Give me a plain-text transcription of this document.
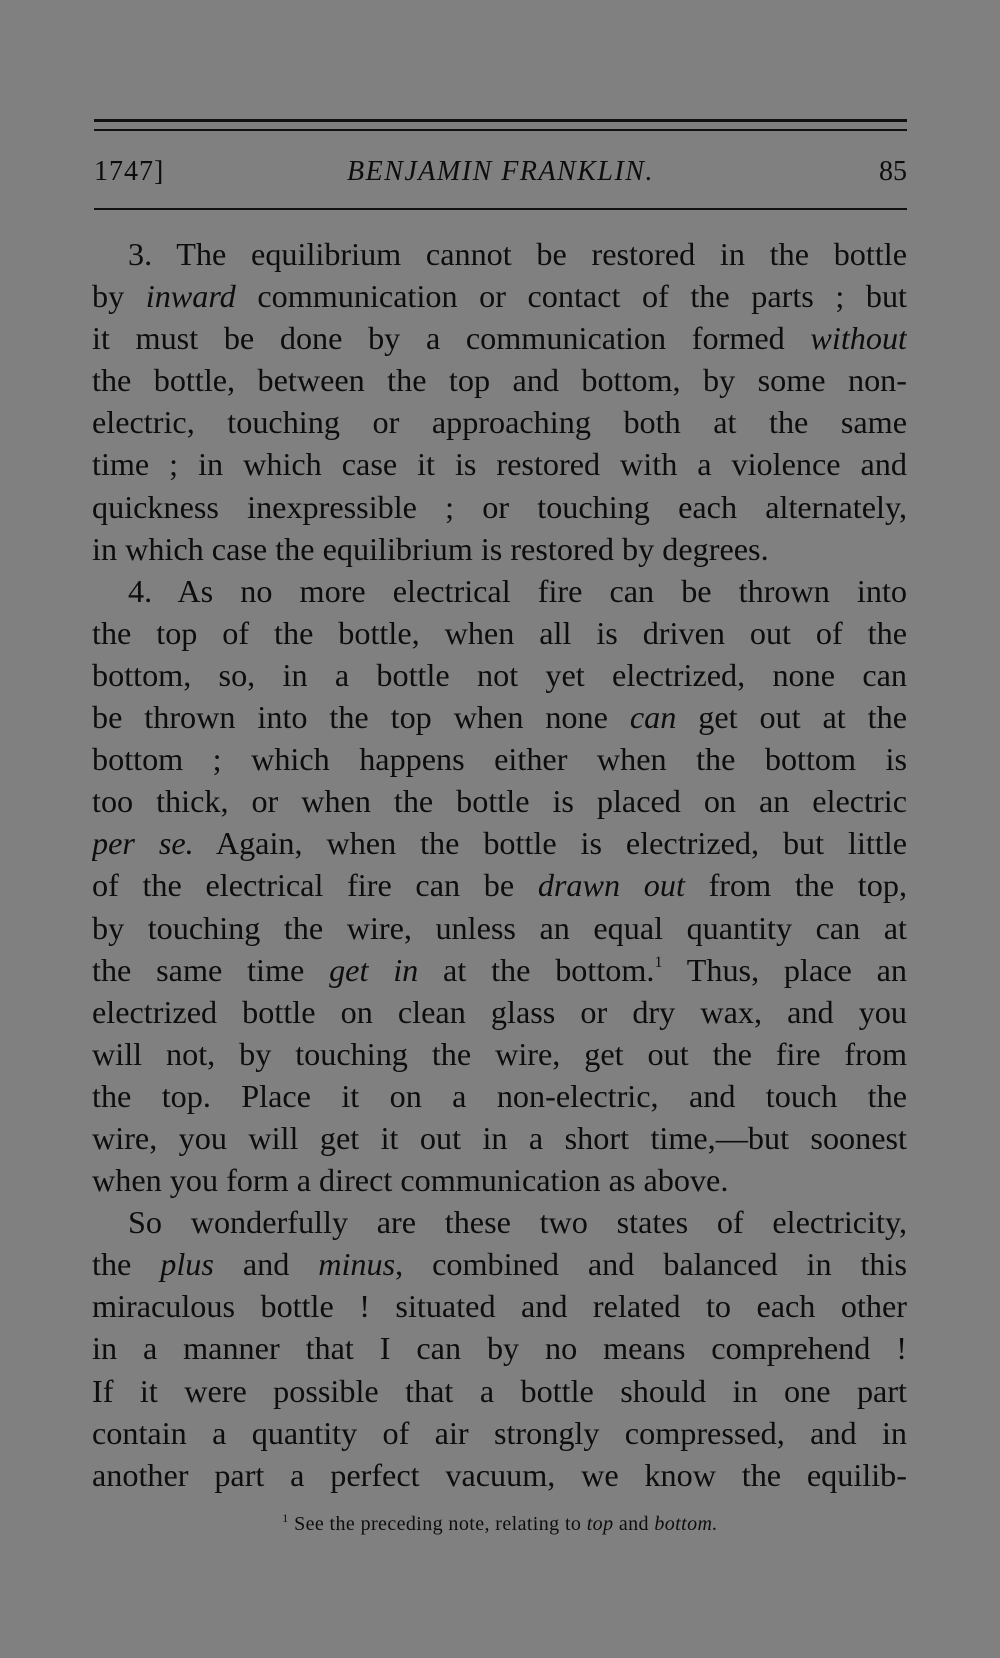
1747]	BENJAMIN FRANKLIN.	85
3. The equilibrium cannot be restored in the bottle
by inward communication or contact of the parts ; but
it must be done by a communication formed without
the bottle, between the top and bottom, by some non-
electric, touching or approaching both at the same
time ; in which case it is restored with a violence and
quickness inexpressible ; or touching each alternately,
in which case the equilibrium is restored by degrees.
4. As no more electrical fire can be thrown into
the top of the bottle, when all is driven out of the
bottom, so, in a bottle not yet electrized, none can
be thrown into the top when none can get out at the
bottom ; which happens either when the bottom is
too thick, or when the bottle is placed on an electric
per se. Again, when the bottle is electrized, but little
of the electrical fire can be drawn out from the top,
by touching the wire, unless an equal quantity can at
the same time get in at the bottom.$^1$ Thus, place an
electrized bottle on clean glass or dry wax, and you
will not, by touching the wire, get out the fire from
the top. Place it on a non-electric, and touch the
wire, you will get it out in a short time,—but soonest
when you form a direct communication as above.
So wonderfully are these two states of electricity,
the plus and minus, combined and balanced in this
miraculous bottle ! situated and related to each other
in a manner that I can by no means comprehend !
If it were possible that a bottle should in one part
contain a quantity of air strongly compressed, and in
another part a perfect vacuum, we know the equilib-
$^1$ See the preceding note, relating to top and bottom.
